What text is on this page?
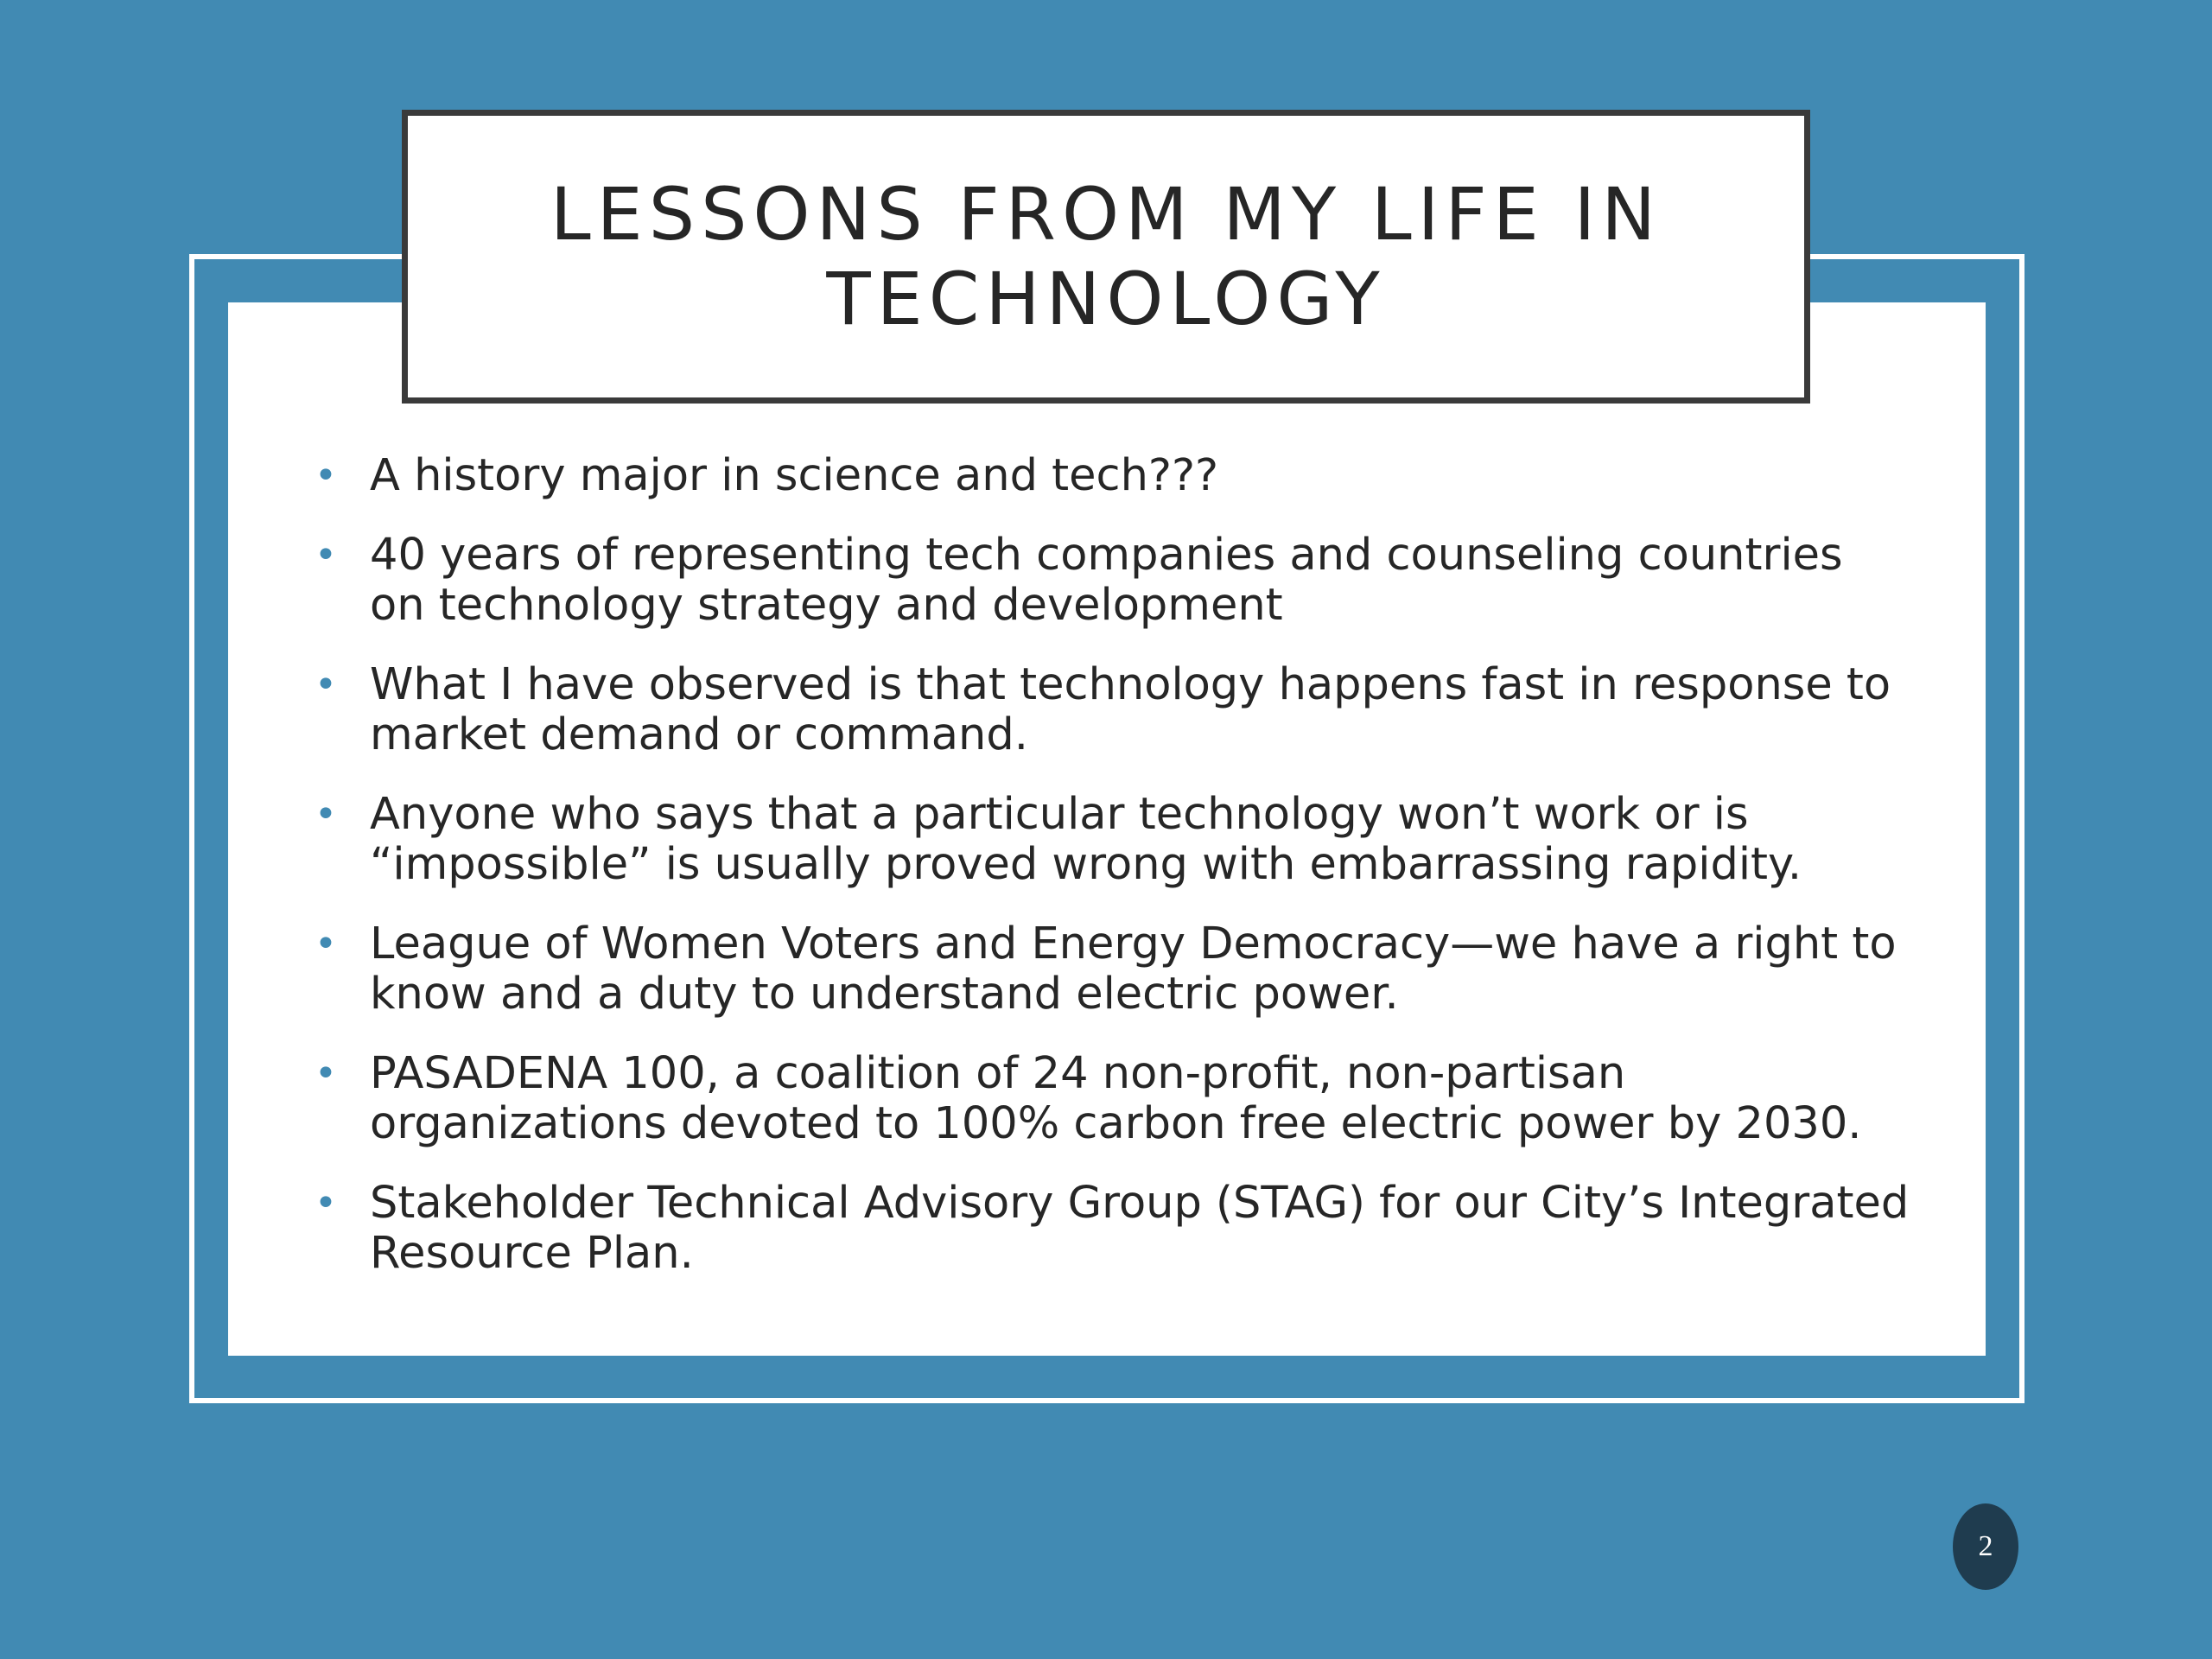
LESSONS FROM MY LIFE IN TECHNOLOGY
• A history major in science and tech???
• 40 years of representing tech companies and counseling countries on technology strategy and development
• What I have observed is that technology happens fast in response to market demand or command.
• Anyone who says that a particular technology won’t work or is “impossible” is usually proved wrong with embarrassing rapidity.
• League of Women Voters and Energy Democracy—we have a right to know and a duty to understand electric power.
• PASADENA 100, a coalition of 24 non-profit, non-partisan organizations devoted to 100% carbon free electric power by 2030.
• Stakeholder Technical Advisory Group (STAG) for our City’s Integrated Resource Plan.
2
